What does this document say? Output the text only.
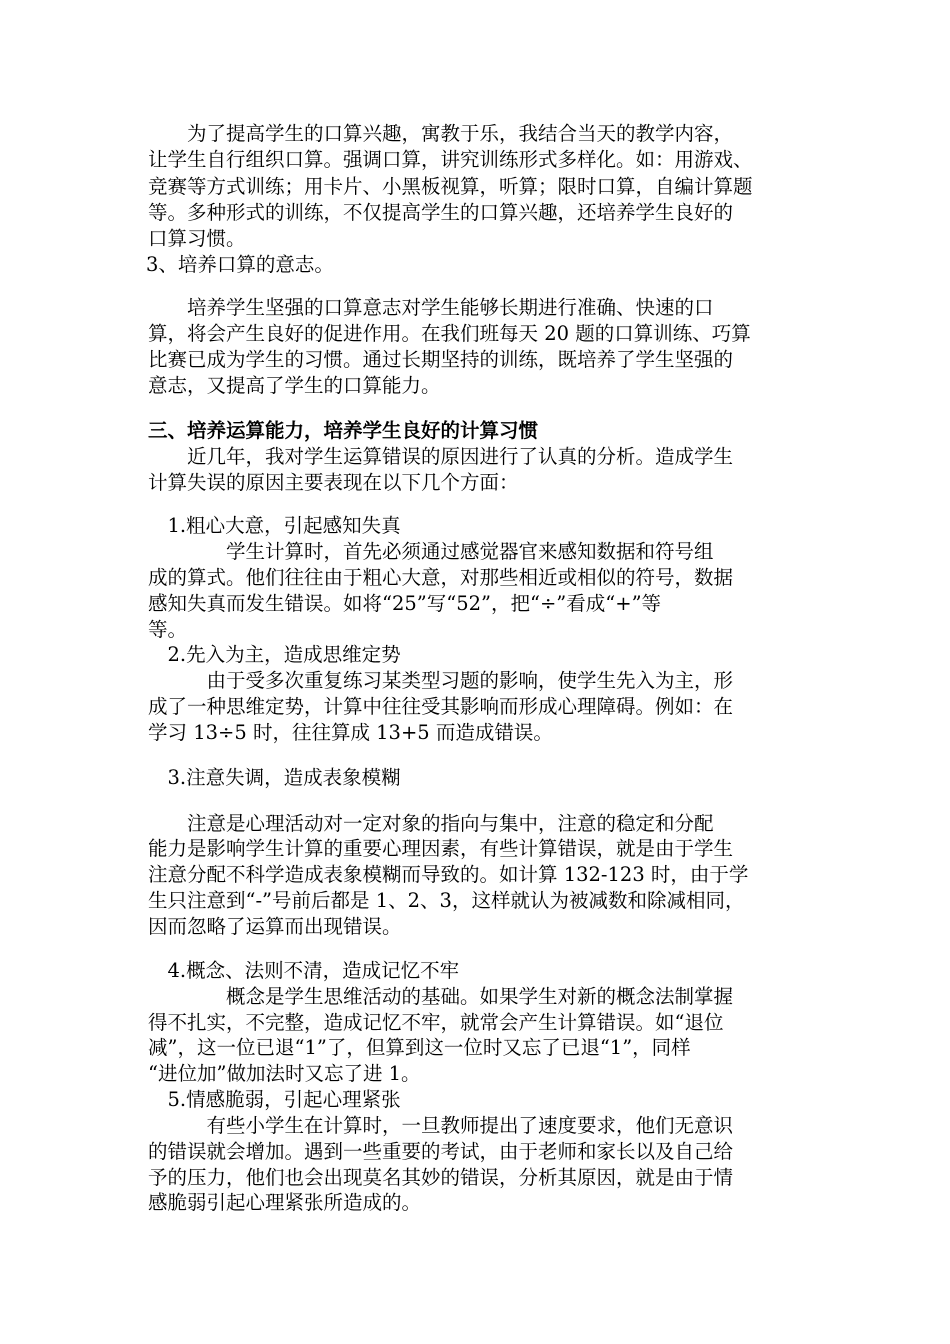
　　为了提高学生的口算兴趣，寓教于乐，我结合当天的教学内容，
让学生自行组织口算。强调口算，讲究训练形式多样化。如：用游戏、
竞赛等方式训练；用卡片、小黑板视算，听算；限时口算，自编计算题
等。多种形式的训练，不仅提高学生的口算兴趣，还培养学生良好的
口算习惯。
3、培养口算的意志。
　　培养学生坚强的口算意志对学生能够长期进行准确、快速的口
算，将会产生良好的促进作用。在我们班每天 20 题的口算训练、巧算
比赛已成为学生的习惯。通过长期坚持的训练，既培养了学生坚强的
意志，又提高了学生的口算能力。
三、培养运算能力，培养学生良好的计算习惯
　　近几年，我对学生运算错误的原因进行了认真的分析。造成学生
计算失误的原因主要表现在以下几个方面：
　1.粗心大意，引起感知失真
　　　　学生计算时，首先必须通过感觉器官来感知数据和符号组
成的算式。他们往往由于粗心大意，对那些相近或相似的符号，数据
感知失真而发生错误。如将“25”写“52”，把“÷”看成“+”等
等。
　2.先入为主，造成思维定势
　　　由于受多次重复练习某类型习题的影响，使学生先入为主，形
成了一种思维定势，计算中往往受其影响而形成心理障碍。例如：在
学习 13÷5 时，往往算成 13+5 而造成错误。
　3.注意失调，造成表象模糊
　　注意是心理活动对一定对象的指向与集中，注意的稳定和分配
能力是影响学生计算的重要心理因素，有些计算错误，就是由于学生
注意分配不科学造成表象模糊而导致的。如计算 132-123 时，由于学
生只注意到“-”号前后都是 1、2、3，这样就认为被减数和除减相同，
因而忽略了运算而出现错误。
　4.概念、法则不清，造成记忆不牢
　　　　概念是学生思维活动的基础。如果学生对新的概念法制掌握
得不扎实，不完整，造成记忆不牢，就常会产生计算错误。如“退位
减”，这一位已退“1”了，但算到这一位时又忘了已退“1”，同样
“进位加”做加法时又忘了进 1。
　5.情感脆弱，引起心理紧张
　　　有些小学生在计算时，一旦教师提出了速度要求，他们无意识
的错误就会增加。遇到一些重要的考试，由于老师和家长以及自己给
予的压力，他们也会出现莫名其妙的错误，分析其原因，就是由于情
感脆弱引起心理紧张所造成的。
